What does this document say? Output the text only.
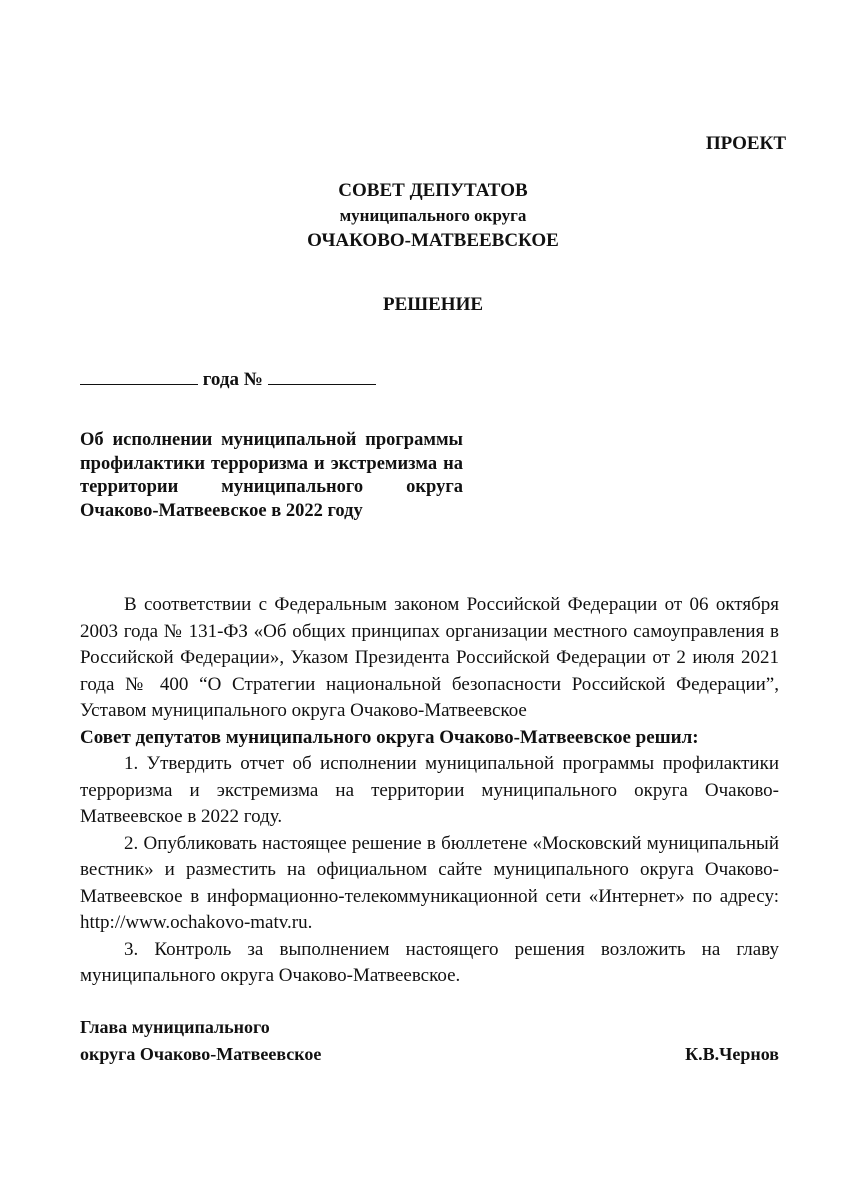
ПРОЕКТ
СОВЕТ ДЕПУТАТОВ
муниципального округа
ОЧАКОВО-МАТВЕЕВСКОЕ
РЕШЕНИЕ
года №
Об исполнении муниципальной программы профилактики терроризма и экстремизма на территории муниципального округа Очаково-Матвеевское в 2022 году

В соответствии с Федеральным законом Российской Федерации от 06 октября 2003 года № 131-ФЗ «Об общих принципах организации местного самоуправления в Российской Федерации», Указом Президента Российской Федерации от 2 июля 2021 года № 400 “О Стратегии национальной безопасности Российской Федерации”, Уставом муниципального округа Очаково-Матвеевское

Совет депутатов муниципального округа Очаково-Матвеевское решил:

1. Утвердить отчет об исполнении муниципальной программы профилактики терроризма и экстремизма на территории муниципального округа Очаково-Матвеевское в 2022 году.

2. Опубликовать настоящее решение в бюллетене «Московский муниципальный вестник» и разместить на официальном сайте муниципального округа Очаково-Матвеевское в информационно-телекоммуникационной сети «Интернет» по адресу: http://www.ochakovo-matv.ru.

3. Контроль за выполнением настоящего решения возложить на главу муниципального округа Очаково-Матвеевское.

Глава муниципального
округа Очаково-Матвеевское	К.В.Чернов
